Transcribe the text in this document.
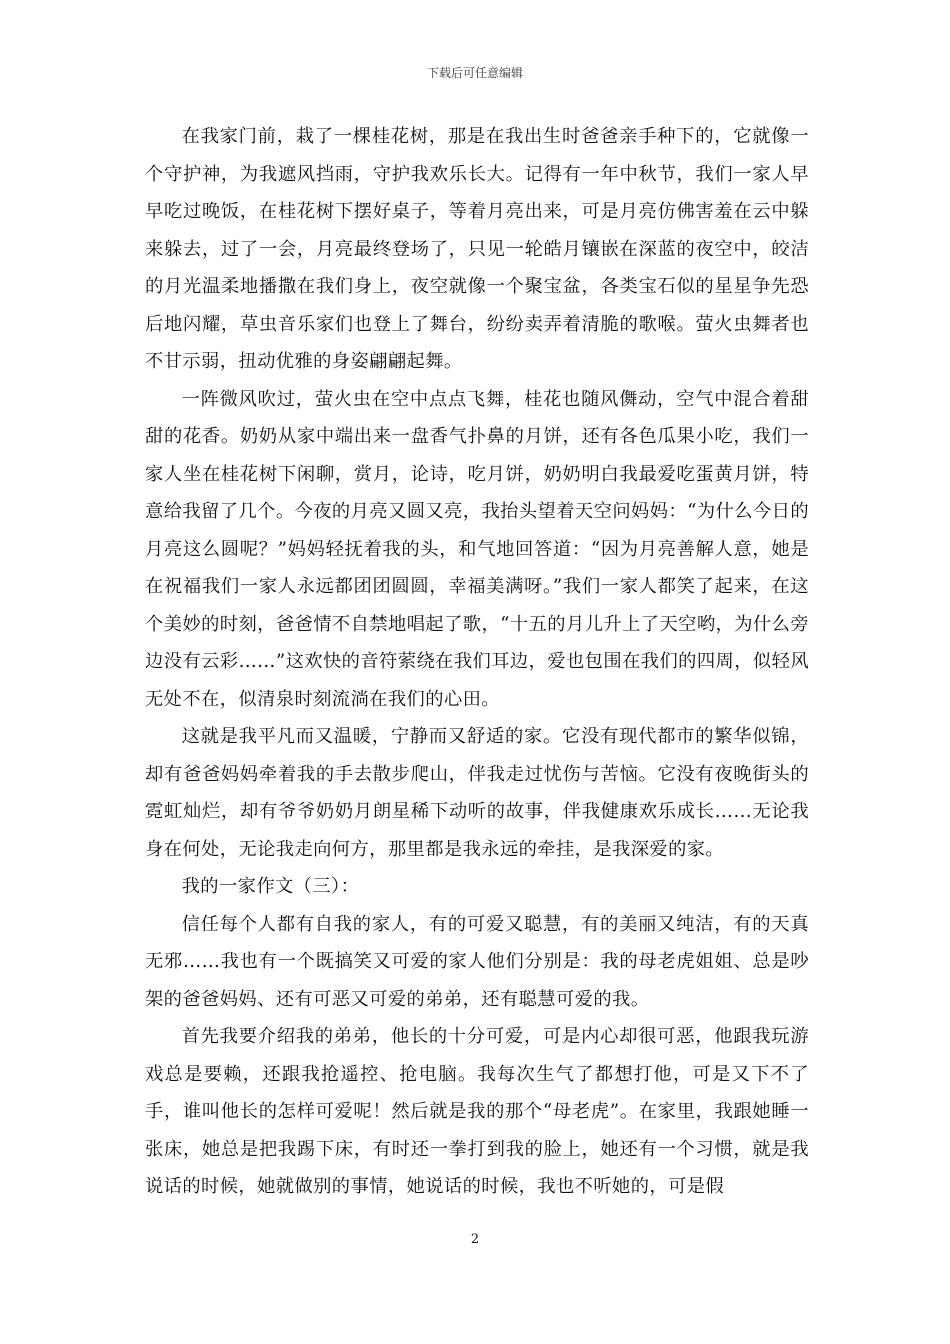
下载后可任意编辑

在我家门前，栽了一棵桂花树，那是在我出生时爸爸亲手种下的，它就像一个守护神，为我遮风挡雨，守护我欢乐长大。记得有一年中秋节，我们一家人早早吃过晚饭，在桂花树下摆好桌子，等着月亮出来，可是月亮仿佛害羞在云中躲来躲去，过了一会，月亮最终登场了，只见一轮皓月镶嵌在深蓝的夜空中，皎洁的月光温柔地播撒在我们身上，夜空就像一个聚宝盆，各类宝石似的星星争先恐后地闪耀，草虫音乐家们也登上了舞台，纷纷卖弄着清脆的歌喉。萤火虫舞者也不甘示弱，扭动优雅的身姿翩翩起舞。

一阵微风吹过，萤火虫在空中点点飞舞，桂花也随风儛动，空气中混合着甜甜的花香。奶奶从家中端出来一盘香气扑鼻的月饼，还有各色瓜果小吃，我们一家人坐在桂花树下闲聊，赏月，论诗，吃月饼，奶奶明白我最爱吃蛋黄月饼，特意给我留了几个。今夜的月亮又圆又亮，我抬头望着天空问妈妈：“为什么今日的月亮这么圆呢？”妈妈轻抚着我的头，和气地回答道：“因为月亮善解人意，她是在祝福我们一家人永远都团团圆圆，幸福美满呀。”我们一家人都笑了起来，在这个美妙的时刻，爸爸情不自禁地唱起了歌，“十五的月儿升上了天空哟，为什么旁边没有云彩……”这欢快的音符萦绕在我们耳边，爱也包围在我们的四周，似轻风无处不在，似清泉时刻流淌在我们的心田。

这就是我平凡而又温暖，宁静而又舒适的家。它没有现代都市的繁华似锦，却有爸爸妈妈牵着我的手去散步爬山，伴我走过忧伤与苦恼。它没有夜晚街头的霓虹灿烂，却有爷爷奶奶月朗星稀下动听的故事，伴我健康欢乐成长……无论我身在何处，无论我走向何方，那里都是我永远的牵挂，是我深爱的家。

我的一家作文（三）：

信任每个人都有自我的家人，有的可爱又聪慧，有的美丽又纯洁，有的天真无邪……我也有一个既搞笑又可爱的家人他们分别是：我的母老虎姐姐、总是吵架的爸爸妈妈、还有可恶又可爱的弟弟，还有聪慧可爱的我。

首先我要介绍我的弟弟，他长的十分可爱，可是内心却很可恶，他跟我玩游戏总是要赖，还跟我抢遥控、抢电脑。我每次生气了都想打他，可是又下不了手，谁叫他长的怎样可爱呢！然后就是我的那个“母老虎”。在家里，我跟她睡一张床，她总是把我踢下床，有时还一拳打到我的脸上，她还有一个习惯，就是我说话的时候，她就做别的事情，她说话的时候，我也不听她的，可是假

2
